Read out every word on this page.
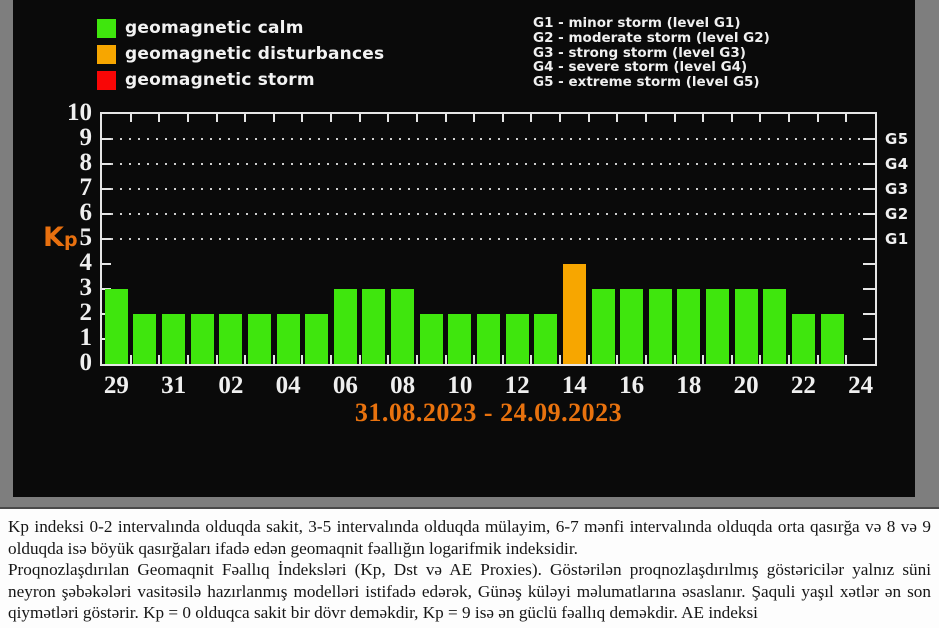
geomagnetic calm
geomagnetic disturbances
geomagnetic storm
G1 - minor storm (level G1)
G2 - moderate storm (level G2)
G3 - strong storm (level G3)
G4 - severe storm (level G4)
G5 - extreme storm (level G5)
Kp
31.08.2023 - 24.09.2023
0
1
2
3
4
5
6
7
8
9
10
G5
G4
G3
G2
G1
29 31 02 04 06 08 10 12 14 16 18 20 22 24

Kp indeksi 0-2 intervalında olduqda sakit, 3-5 intervalında olduqda mülayim, 6-7 mənfi intervalında olduqda orta qasırğa və 8 və 9 olduqda isə böyük qasırğaları ifadə edən geomaqnit fəallığın logarifmik indeksidir.

Proqnozlaşdırılan Geomaqnit Fəallıq İndeksləri (Kp, Dst və AE Proxies). Göstərilən proqnozlaşdırılmış göstəricilər yalnız süni neyron şəbəkələri vasitəsilə hazırlanmış modelləri istifadə edərək, Günəş küləyi məlumatlarına əsaslanır. Şaquli yaşıl xətlər ən son qiymətləri göstərir. Kp = 0 olduqca sakit bir dövr deməkdir, Kp = 9 isə ən güclü fəallıq deməkdir. AE indeksi
